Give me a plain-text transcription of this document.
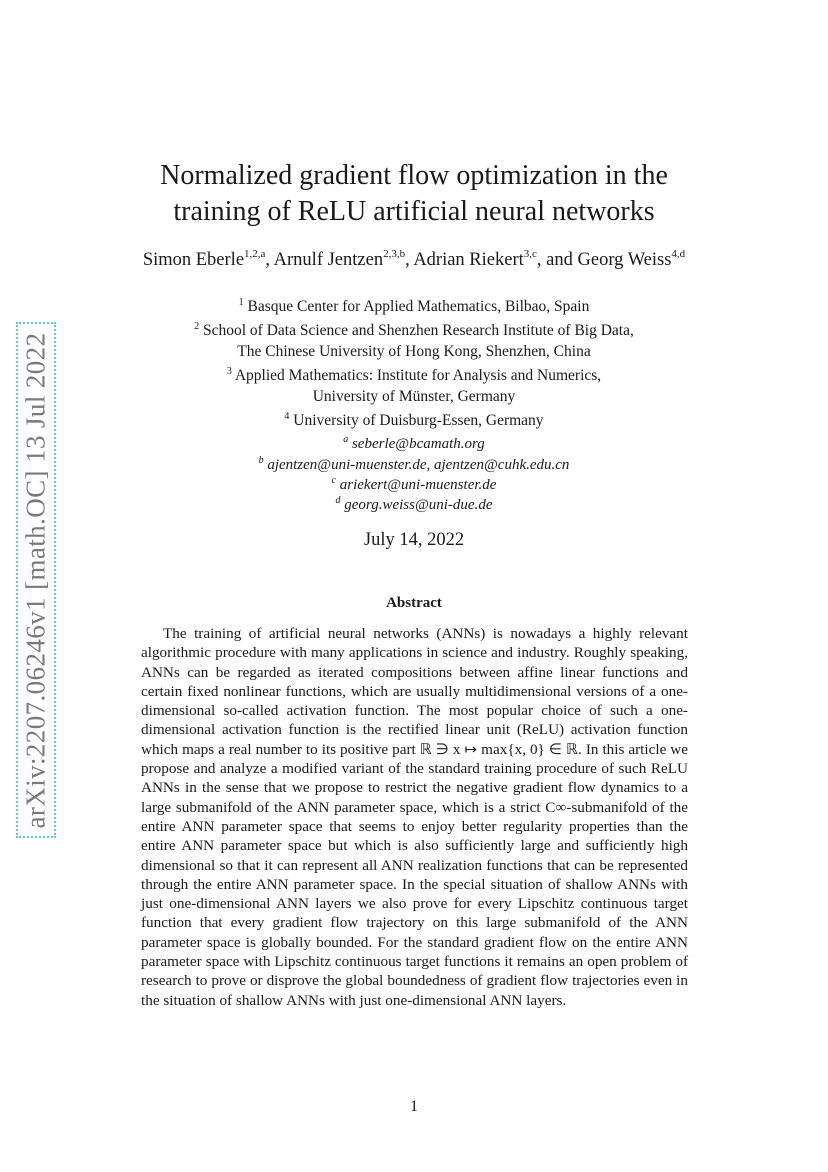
arXiv:2207.06246v1 [math.OC] 13 Jul 2022
Normalized gradient flow optimization in the
training of ReLU artificial neural networks
Simon Eberle$^{1,2,a}$, Arnulf Jentzen$^{2,3,b}$, Adrian Riekert$^{3,c}$, and Georg Weiss$^{4,d}$
$^1$ Basque Center for Applied Mathematics, Bilbao, Spain
$^2$ School of Data Science and Shenzhen Research Institute of Big Data,
The Chinese University of Hong Kong, Shenzhen, China
$^3$ Applied Mathematics: Institute for Analysis and Numerics,
University of Münster, Germany
$^4$ University of Duisburg-Essen, Germany
$^a$ seberle@bcamath.org
$^b$ ajentzen@uni-muenster.de, ajentzen@cuhk.edu.cn
$^c$ ariekert@uni-muenster.de
$^d$ georg.weiss@uni-due.de
July 14, 2022
Abstract

The training of artificial neural networks (ANNs) is nowadays a highly relevant algorithmic procedure with many applications in science and industry. Roughly speaking, ANNs can be regarded as iterated compositions between affine linear functions and certain fixed nonlinear functions, which are usually multidimensional versions of a one-dimensional so-called activation function. The most popular choice of such a one-dimensional activation function is the rectified linear unit (ReLU) activation function which maps a real number to its positive part ℝ ∋ x ↦ max{x, 0} ∈ ℝ. In this article we propose and analyze a modified variant of the standard training procedure of such ReLU ANNs in the sense that we propose to restrict the negative gradient flow dynamics to a large submanifold of the ANN parameter space, which is a strict C∞-submanifold of the entire ANN parameter space that seems to enjoy better regularity properties than the entire ANN parameter space but which is also sufficiently large and sufficiently high dimensional so that it can represent all ANN realization functions that can be represented through the entire ANN parameter space. In the special situation of shallow ANNs with just one-dimensional ANN layers we also prove for every Lipschitz continuous target function that every gradient flow trajectory on this large submanifold of the ANN parameter space is globally bounded. For the standard gradient flow on the entire ANN parameter space with Lipschitz continuous target functions it remains an open problem of research to prove or disprove the global boundedness of gradient flow trajectories even in the situation of shallow ANNs with just one-dimensional ANN layers.

1
